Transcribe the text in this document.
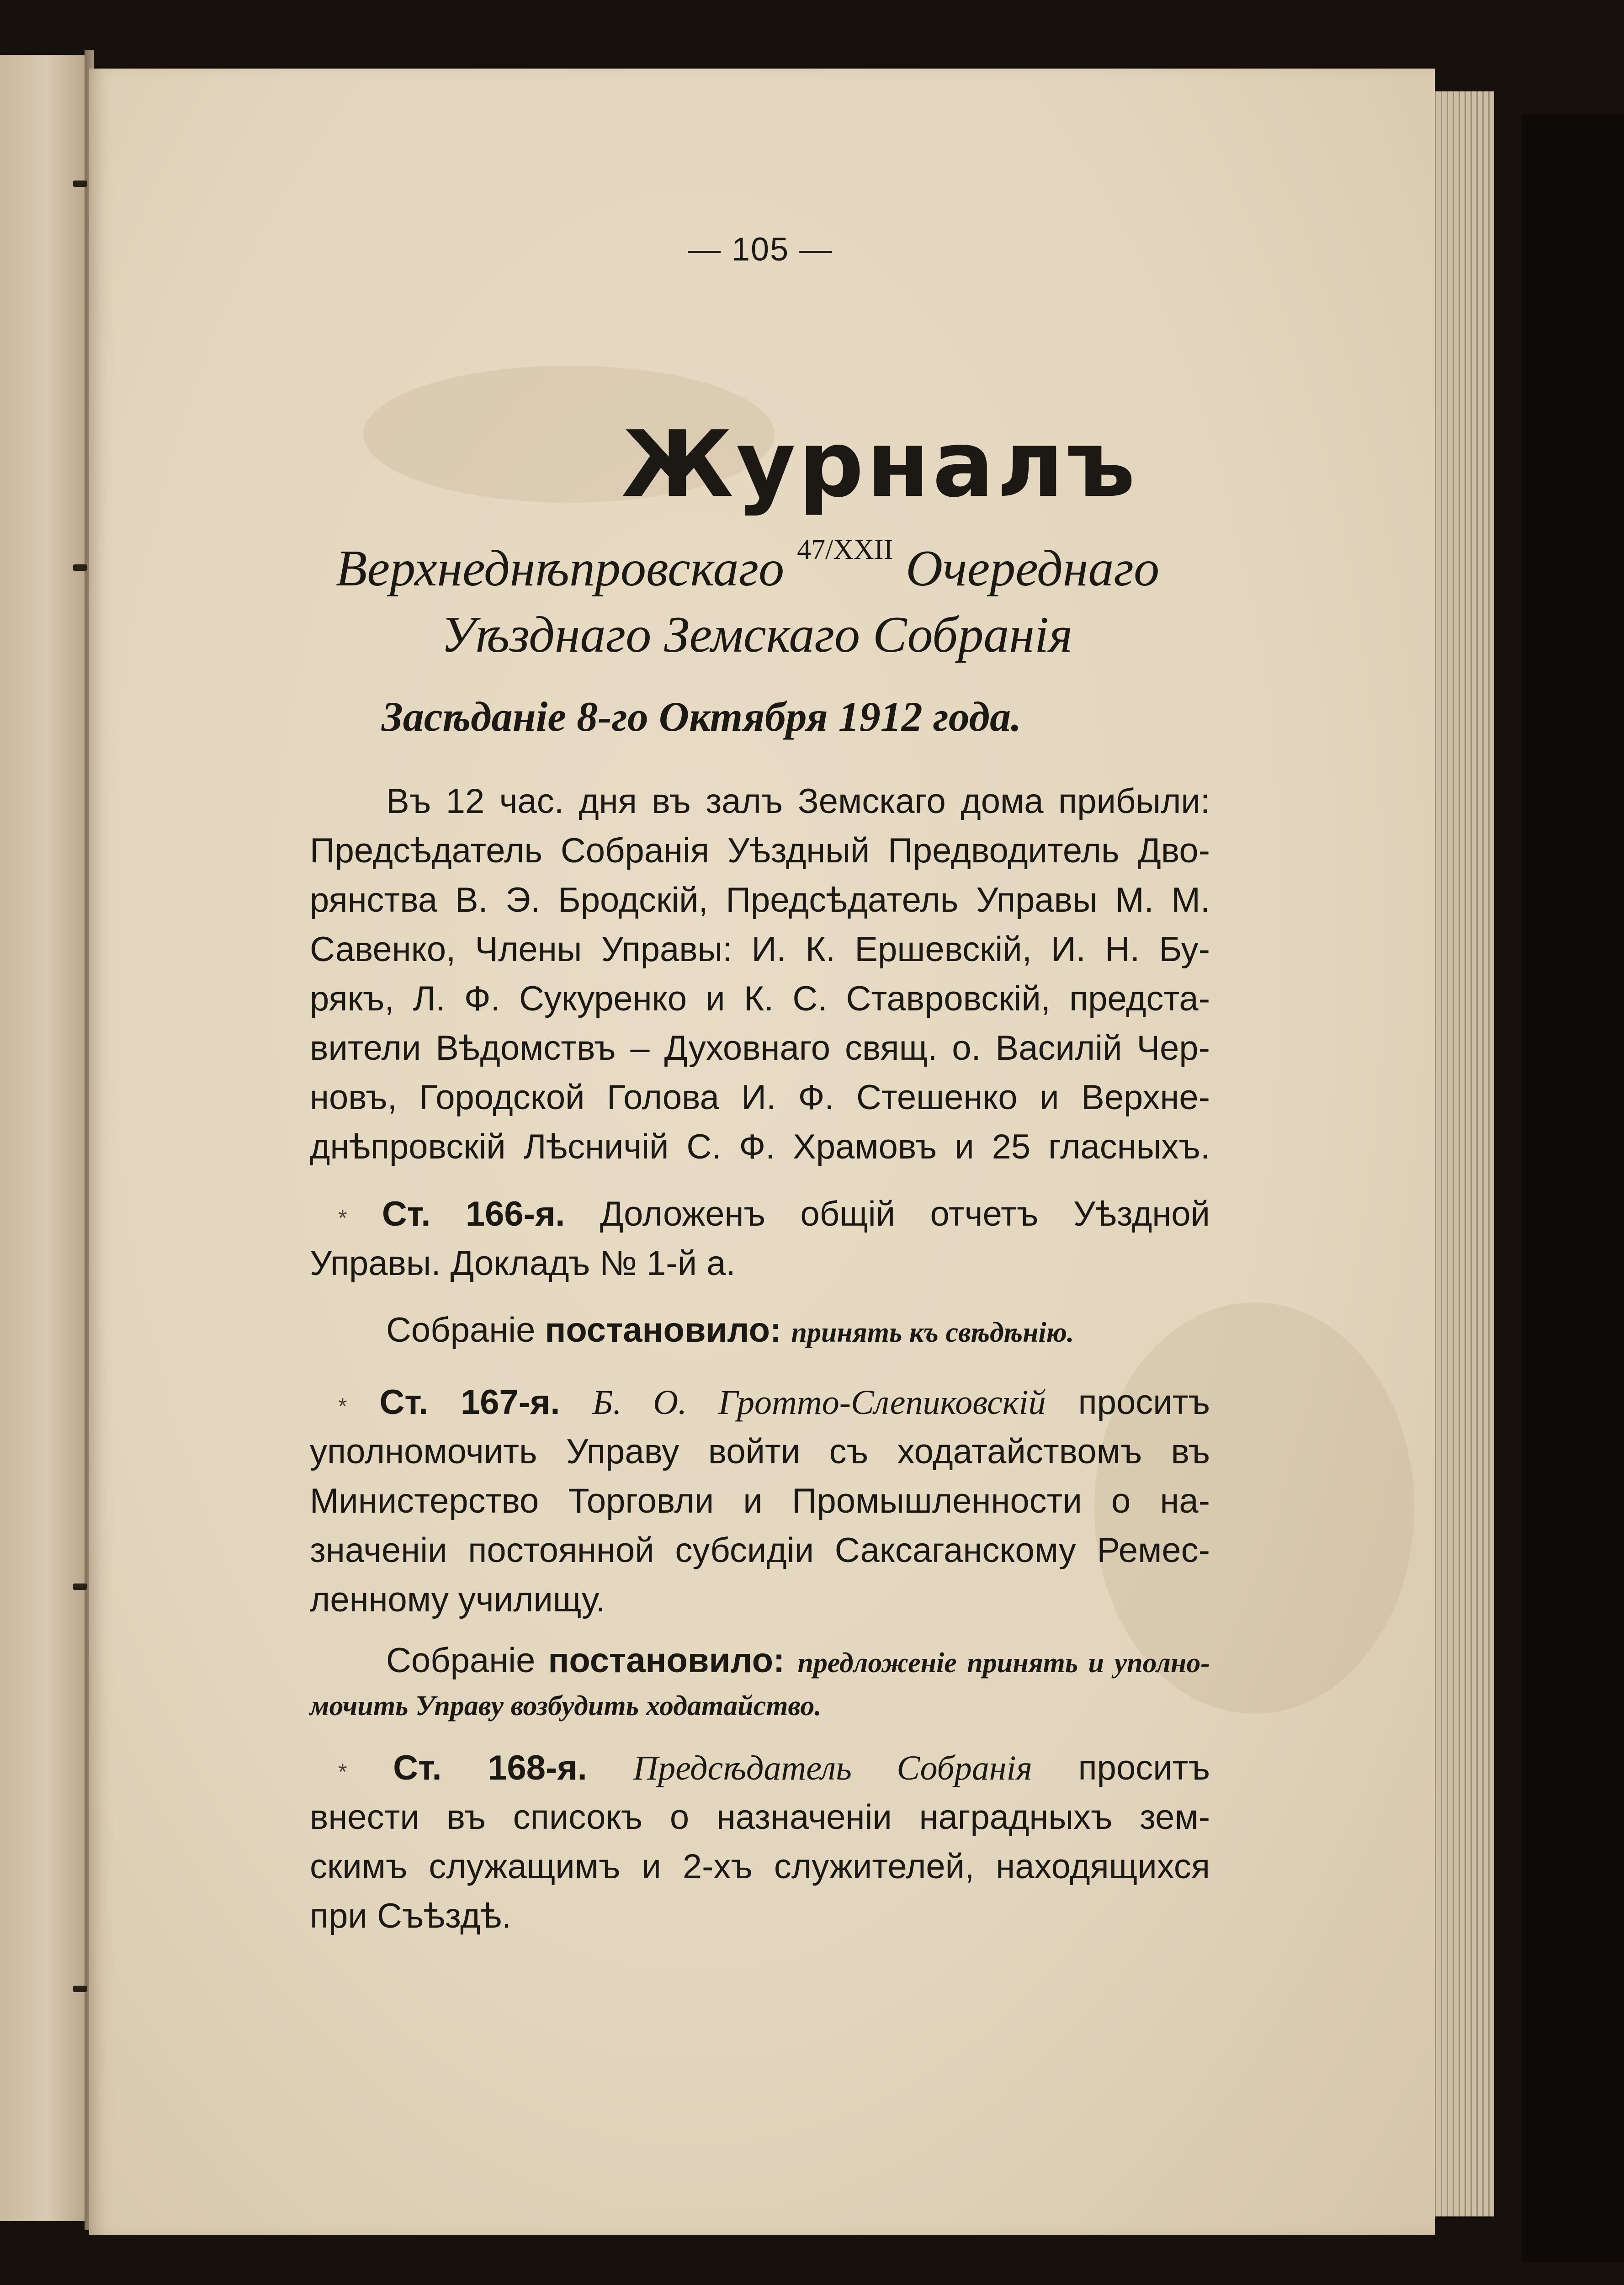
— 105 —
Журналъ
Верхнеднѣпровскаго $^{47/XXII}$ Очереднаго
Уѣзднаго Земскаго Собранія
Засѣданіе 8-го Октября 1912 года.
Въ 12 час. дня въ залъ Земскаго дома прибыли:
Предсѣдатель Собранія Уѣздный Предводитель Дво-
рянства В. Э. Бродскій, Предсѣдатель Управы М. М.
Савенко, Члены Управы: И. К. Ершевскій, И. Н. Бу-
рякъ, Л. Ф. Сукуренко и К. С. Ставровскій, предста-
вители Вѣдомствъ – Духовнаго свящ. о. Василій Чер-
новъ, Городской Голова И. Ф. Стешенко и Верхне-
днѣпровскій Лѣсничій С. Ф. Храмовъ и 25 гласныхъ.
* Ст. 166-я. Доложенъ общій отчетъ Уѣздной
Управы. Докладъ № 1-й а.
Собраніе постановило: принять къ свѣдѣнію.
* Ст. 167-я. Б. О. Гротто-Слепиковскій проситъ
уполномочить Управу войти съ ходатайствомъ въ
Министерство Торговли и Промышленности о на-
значеніи постоянной субсидіи Саксаганскому Ремес-
ленному училищу.
Собраніе постановило: предложеніе принять и уполно-
мочить Управу возбудить ходатайство.
* Ст. 168-я. Предсѣдатель Собранія проситъ
внести въ списокъ о назначеніи наградныхъ зем-
скимъ служащимъ и 2-хъ служителей, находящихся
при Съѣздѣ.
